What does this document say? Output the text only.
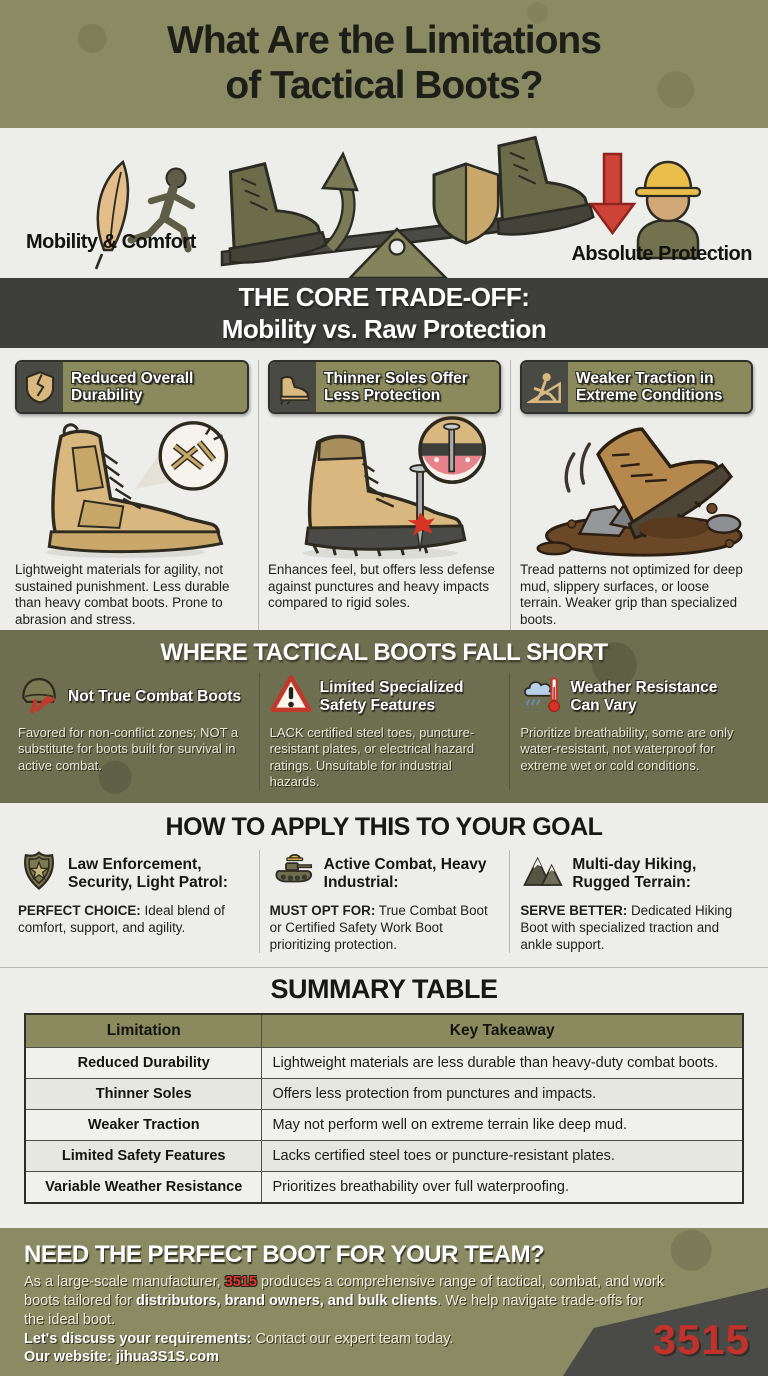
What Are the Limitations
of Tactical Boots?
Mobility & Comfort
Absolute Protection
THE CORE TRADE-OFF:
Mobility vs. Raw Protection
Reduced Overall Durability

Lightweight materials for agility, not sustained punishment. Less durable than heavy combat boots. Prone to abrasion and stress.

Thinner Soles Offer Less Protection

Enhances feel, but offers less defense against punctures and heavy impacts compared to rigid soles.

Weaker Traction in Extreme Conditions

Tread patterns not optimized for deep mud, slippery surfaces, or loose terrain. Weaker grip than specialized boots.

WHERE TACTICAL BOOTS FALL SHORT
Not True Combat Boots

Favored for non-conflict zones; NOT a substitute for boots built for survival in active combat.

Limited Specialized Safety Features

LACK certified steel toes, puncture-resistant plates, or electrical hazard ratings. Unsuitable for industrial hazards.

Weather Resistance Can Vary

Prioritize breathability; some are only water-resistant, not waterproof for extreme wet or cold conditions.

HOW TO APPLY THIS TO YOUR GOAL
Law Enforcement, Security, Light Patrol:

PERFECT CHOICE: Ideal blend of comfort, support, and agility.

Active Combat, Heavy Industrial:

MUST OPT FOR: True Combat Boot or Certified Safety Work Boot prioritizing protection.

Multi-day Hiking, Rugged Terrain:

SERVE BETTER: Dedicated Hiking Boot with specialized traction and ankle support.

SUMMARY TABLE
Limitation	Key Takeaway
Reduced Durability	Lightweight materials are less durable than heavy-duty combat boots.
Thinner Soles	Offers less protection from punctures and impacts.
Weaker Traction	May not perform well on extreme terrain like deep mud.
Limited Safety Features	Lacks certified steel toes or puncture-resistant plates.
Variable Weather Resistance	Prioritizes breathability over full waterproofing.
NEED THE PERFECT BOOT FOR YOUR TEAM?

As a large-scale manufacturer, 3515 produces a comprehensive range of tactical, combat, and work boots tailored for distributors, brand owners, and bulk clients. We help navigate trade-offs for the ideal boot.

Let's discuss your requirements: Contact our expert team today.

Our website: jihua3S1S.com	3515
